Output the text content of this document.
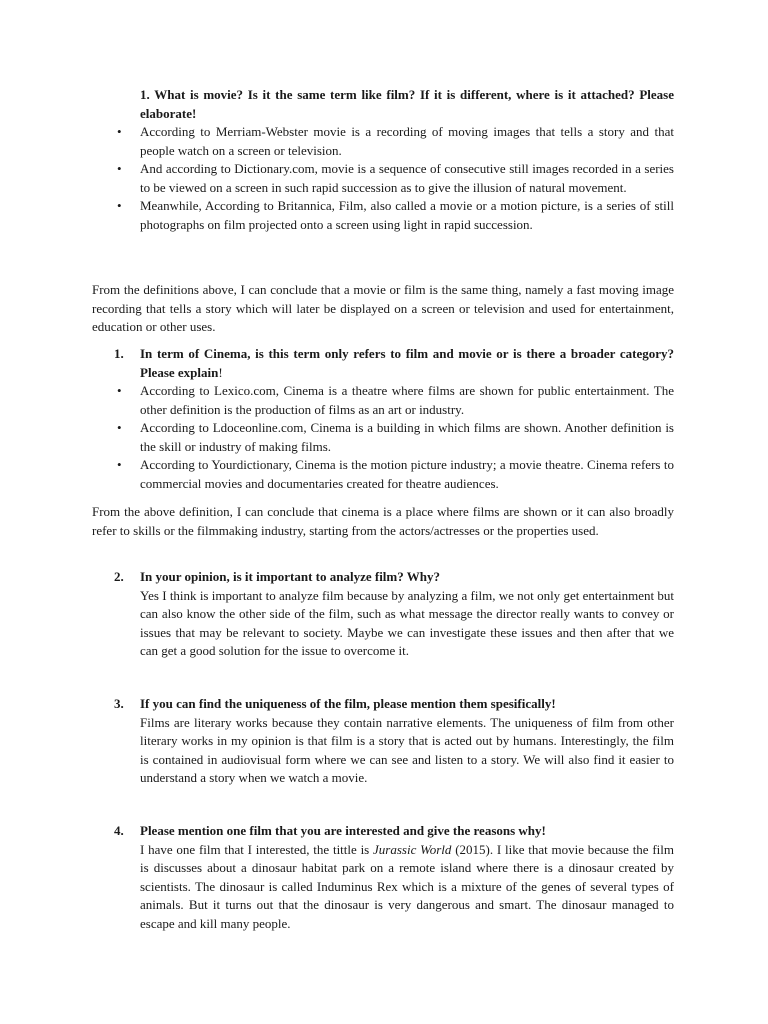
1. What is movie? Is it the same term like film? If it is different, where is it attached? Please elaborate!
• According to Merriam-Webster movie is a recording of moving images that tells a story and that people watch on a screen or television.
• And according to Dictionary.com, movie is a sequence of consecutive still images recorded in a series to be viewed on a screen in such rapid succession as to give the illusion of natural movement.
• Meanwhile, According to Britannica, Film, also called a movie or a motion picture, is a series of still photographs on film projected onto a screen using light in rapid succession.
From the definitions above, I can conclude that a movie or film is the same thing, namely a fast moving image recording that tells a story which will later be displayed on a screen or television and used for entertainment, education or other uses.
1.	In term of Cinema, is this term only refers to film and movie or is there a broader category? Please explain!
• According to Lexico.com, Cinema is a theatre where films are shown for public entertainment. The other definition is the production of films as an art or industry.
• According to Ldoceonline.com, Cinema is a building in which films are shown. Another definition is the skill or industry of making films.
• According to Yourdictionary, Cinema is the motion picture industry; a movie theatre. Cinema refers to commercial movies and documentaries created for theatre audiences.
From the above definition, I can conclude that cinema is a place where films are shown or it can also broadly refer to skills or the filmmaking industry, starting from the actors/actresses or the properties used.
2.	In your opinion, is it important to analyze film? Why?
Yes I think is important to analyze film because by analyzing a film, we not only get entertainment but can also know the other side of the film, such as what message the director really wants to convey or issues that may be relevant to society. Maybe we can investigate these issues and then after that we can get a good solution for the issue to overcome it.
3.	If you can find the uniqueness of the film, please mention them spesifically!
Films are literary works because they contain narrative elements. The uniqueness of film from other literary works in my opinion is that film is a story that is acted out by humans. Interestingly, the film is contained in audiovisual form where we can see and listen to a story. We will also find it easier to understand a story when we watch a movie.
4.	Please mention one film that you are interested and give the reasons why!
I have one film that I interested, the tittle is Jurassic World (2015). I like that movie because the film is discusses about a dinosaur habitat park on a remote island where there is a dinosaur created by scientists. The dinosaur is called Induminus Rex which is a mixture of the genes of several types of animals. But it turns out that the dinosaur is very dangerous and smart. The dinosaur managed to escape and kill many people.
